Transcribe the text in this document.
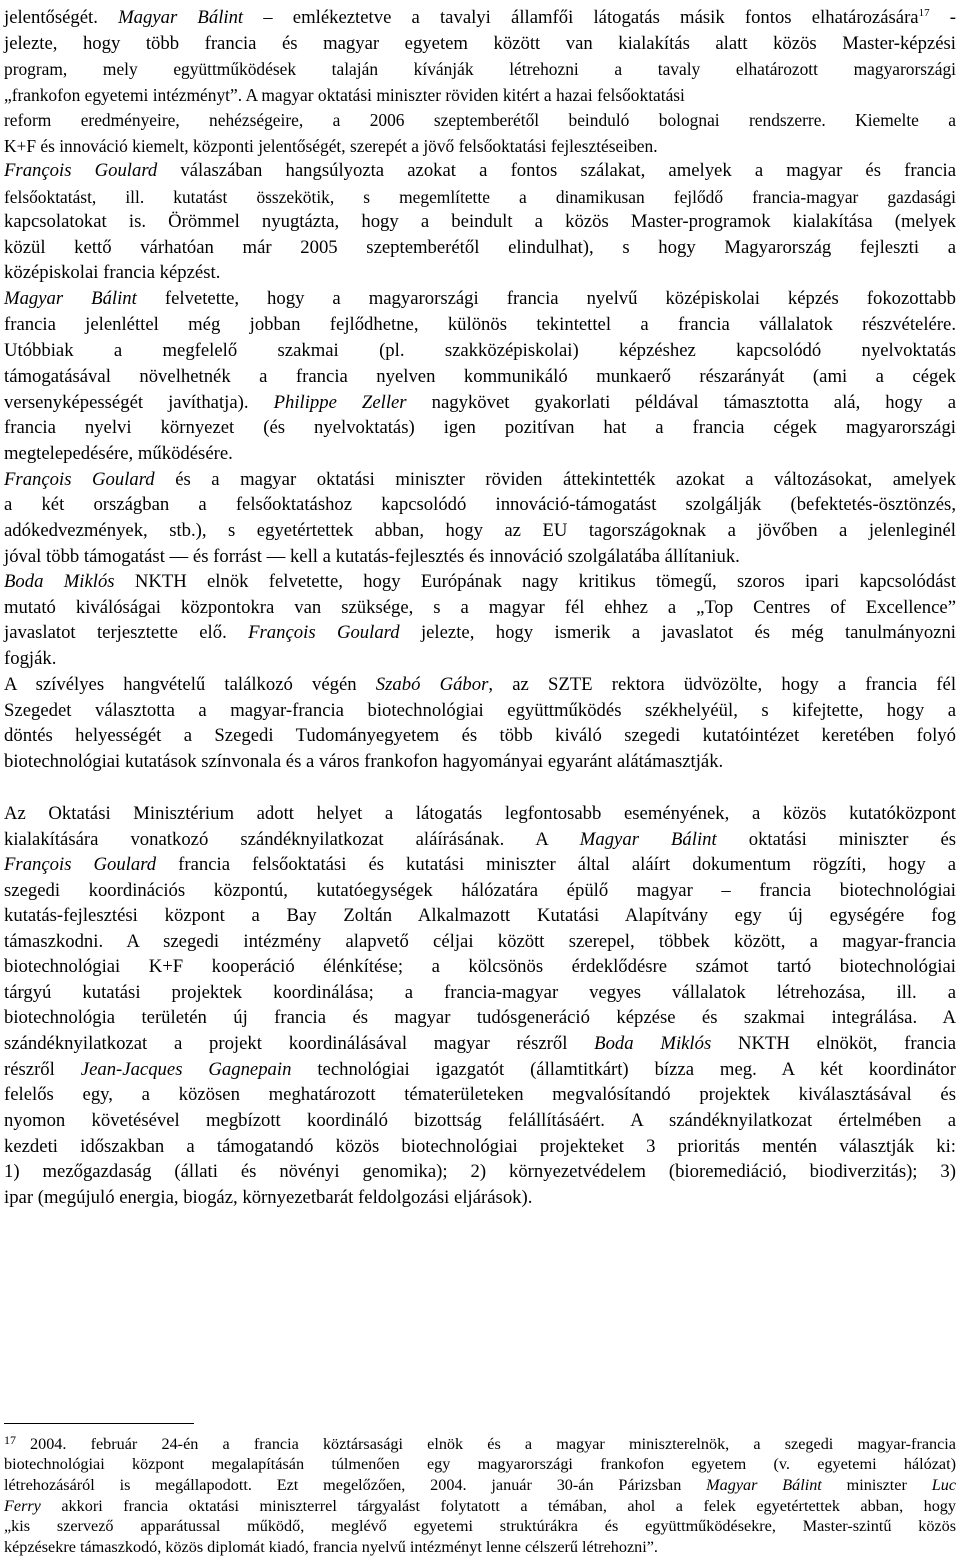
jelentőségét. Magyar Bálint – emlékeztetve a tavalyi államfői látogatás másik fontos elhatározására$^{17}$ -
jelezte, hogy több francia és magyar egyetem között van kialakítás alatt közös Master-képzési
program, mely együttműködések talaján kívánják létrehozni a tavaly elhatározott magyarországi
„frankofon egyetemi intézményt”. A magyar oktatási miniszter röviden kitért a hazai felsőoktatási
reform eredményeire, nehézségeire, a 2006 szeptemberétől beinduló bolognai rendszerre. Kiemelte a
K+F és innováció kiemelt, központi jelentőségét, szerepét a jövő felsőoktatási fejlesztéseiben.
François Goulard válaszában hangsúlyozta azokat a fontos szálakat, amelyek a magyar és francia
felsőoktatást, ill. kutatást összekötik, s megemlítette a dinamikusan fejlődő francia-magyar gazdasági
kapcsolatokat is. Örömmel nyugtázta, hogy a beindult a közös Master-programok kialakítása (melyek
közül kettő várhatóan már 2005 szeptemberétől elindulhat), s hogy Magyarország fejleszti a
középiskolai francia képzést.
Magyar Bálint felvetette, hogy a magyarországi francia nyelvű középiskolai képzés fokozottabb
francia jelenléttel még jobban fejlődhetne, különös tekintettel a francia vállalatok részvételére.
Utóbbiak a megfelelő szakmai (pl. szakközépiskolai) képzéshez kapcsolódó nyelvoktatás
támogatásával növelhetnék a francia nyelven kommunikáló munkaerő részarányát (ami a cégek
versenyképességét javíthatja). Philippe Zeller nagykövet gyakorlati példával támasztotta alá, hogy a
francia nyelvi környezet (és nyelvoktatás) igen pozitívan hat a francia cégek magyarországi
megtelepedésére, működésére.
François Goulard és a magyar oktatási miniszter röviden áttekintették azokat a változásokat, amelyek
a két országban a felsőoktatáshoz kapcsolódó innováció-támogatást szolgálják (befektetés-ösztönzés,
adókedvezmények, stb.), s egyetértettek abban, hogy az EU tagországoknak a jövőben a jelenleginél
jóval több támogatást — és forrást — kell a kutatás-fejlesztés és innováció szolgálatába állítaniuk.
Boda Miklós NKTH elnök felvetette, hogy Európának nagy kritikus tömegű, szoros ipari kapcsolódást
mutató kiválóságai központokra van szüksége, s a magyar fél ehhez a „Top Centres of Excellence”
javaslatot terjesztette elő. François Goulard jelezte, hogy ismerik a javaslatot és még tanulmányozni
fogják.
A szívélyes hangvételű találkozó végén Szabó Gábor, az SZTE rektora üdvözölte, hogy a francia fél
Szegedet választotta a magyar-francia biotechnológiai együttműködés székhelyéül, s kifejtette, hogy a
döntés helyességét a Szegedi Tudományegyetem és több kiváló szegedi kutatóintézet keretében folyó
biotechnológiai kutatások színvonala és a város frankofon hagyományai egyaránt alátámasztják.
Az Oktatási Minisztérium adott helyet a látogatás legfontosabb eseményének, a közös kutatóközpont
kialakítására vonatkozó szándéknyilatkozat aláírásának. A Magyar Bálint oktatási miniszter és
François Goulard francia felsőoktatási és kutatási miniszter által aláírt dokumentum rögzíti, hogy a
szegedi koordinációs központú, kutatóegységek hálózatára épülő magyar – francia biotechnológiai
kutatás-fejlesztési központ a Bay Zoltán Alkalmazott Kutatási Alapítvány egy új egységére fog
támaszkodni. A szegedi intézmény alapvető céljai között szerepel, többek között, a magyar-francia
biotechnológiai K+F kooperáció élénkítése; a kölcsönös érdeklődésre számot tartó biotechnológiai
tárgyú kutatási projektek koordinálása; a francia-magyar vegyes vállalatok létrehozása, ill. a
biotechnológia területén új francia és magyar tudósgeneráció képzése és szakmai integrálása. A
szándéknyilatkozat a projekt koordinálásával magyar részről Boda Miklós NKTH elnököt, francia
részről Jean-Jacques Gagnepain technológiai igazgatót (államtitkárt) bízza meg. A két koordinátor
felelős egy, a közösen meghatározott tématerületeken megvalósítandó projektek kiválasztásával és
nyomon követésével megbízott koordináló bizottság felállításáért. A szándéknyilatkozat értelmében a
kezdeti időszakban a támogatandó közös biotechnológiai projekteket 3 prioritás mentén választják ki:
1) mezőgazdaság (állati és növényi genomika); 2) környezetvédelem (bioremediáció, biodiverzitás); 3)
ipar (megújuló energia, biogáz, környezetbarát feldolgozási eljárások).
$^{17}$ 2004. február 24-én a francia köztársasági elnök és a magyar miniszterelnök, a szegedi magyar-francia
biotechnológiai központ megalapításán túlmenően egy magyarországi frankofon egyetem (v. egyetemi hálózat)
létrehozásáról is megállapodott. Ezt megelőzően, 2004. január 30-án Párizsban Magyar Bálint miniszter Luc
Ferry akkori francia oktatási miniszterrel tárgyalást folytatott a témában, ahol a felek egyetértettek abban, hogy
„kis szervező apparátussal működő, meglévő egyetemi struktúrákra és együttműködésekre, Master-szintű közös
képzésekre támaszkodó, közös diplomát kiadó, francia nyelvű intézményt lenne célszerű létrehozni”.
